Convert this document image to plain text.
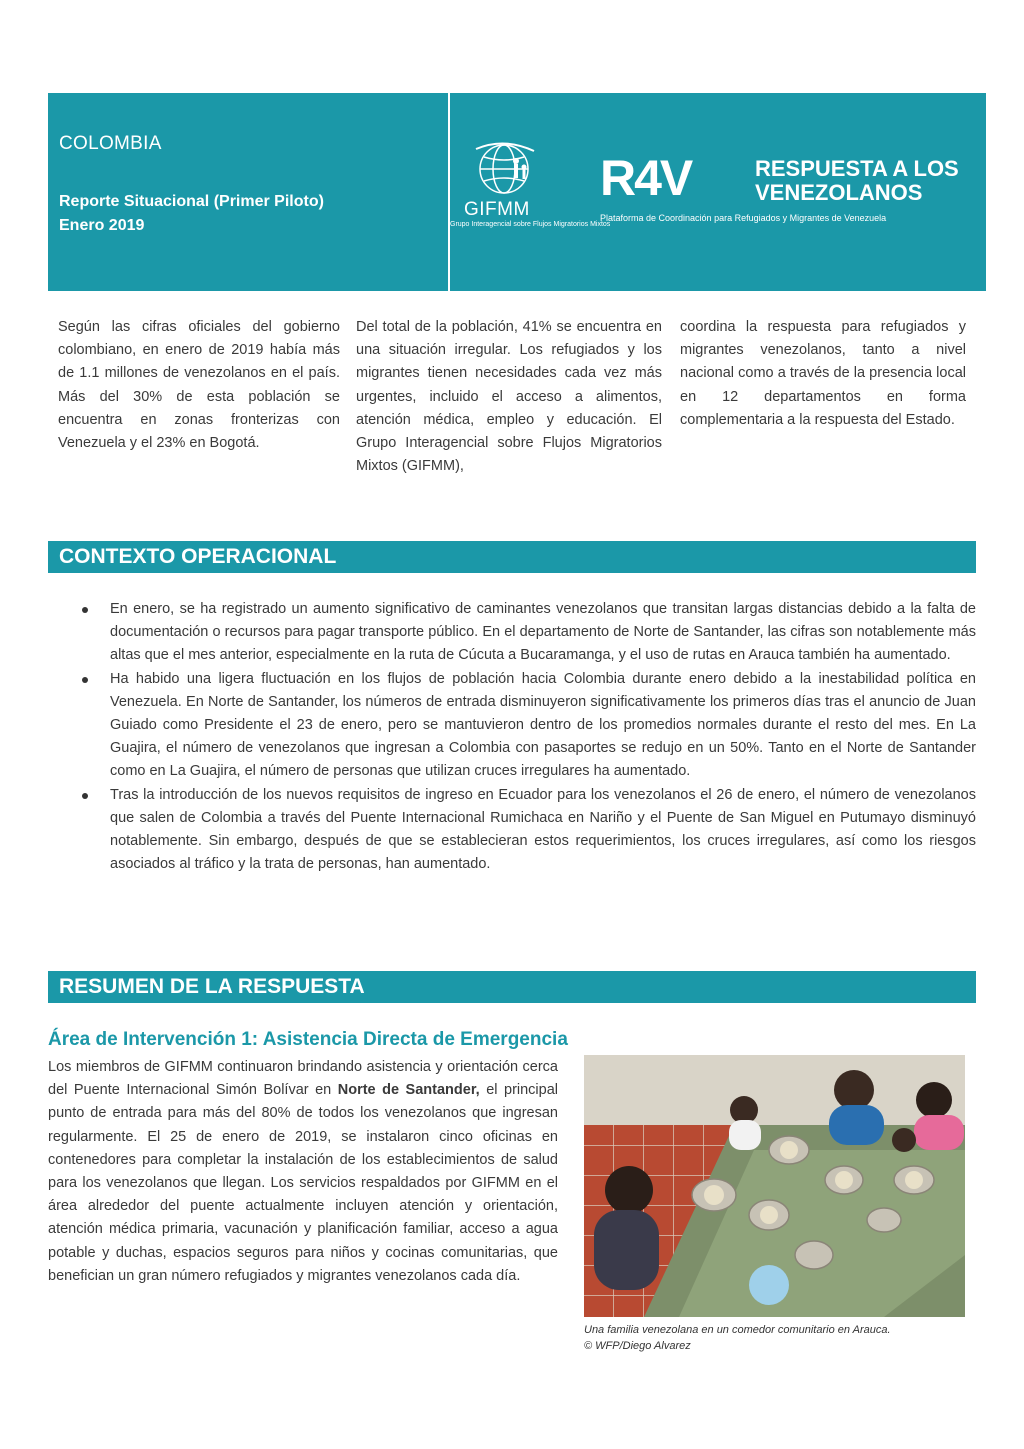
COLOMBIA
Reporte Situacional (Primer Piloto)
Enero 2019
GIFMM
Grupo Interagencial sobre Flujos Migratorios Mixtos
R4V	RESPUESTA A LOS
VENEZOLANOS
Plataforma de Coordinación para Refugiados y Migrantes de Venezuela
Según las cifras oficiales del gobierno colombiano, en enero de 2019 había más de 1.1 millones de venezolanos en el país. Más del 30% de esta población se encuentra en zonas fronterizas con Venezuela y el 23% en Bogotá.
Del total de la población, 41% se encuentra en una situación irregular. Los refugiados y los migrantes tienen necesidades cada vez más urgentes, incluido el acceso a alimentos, atención médica, empleo y educación. El Grupo Interagencial sobre Flujos Migratorios Mixtos (GIFMM),
coordina la respuesta para refugiados y migrantes venezolanos, tanto a nivel nacional como a través de la presencia local en 12 departamentos en forma complementaria a la respuesta del Estado.
CONTEXTO OPERACIONAL
En enero, se ha registrado un aumento significativo de caminantes venezolanos que transitan largas distancias debido a la falta de documentación o recursos para pagar transporte público. En el departamento de Norte de Santander, las cifras son notablemente más altas que el mes anterior, especialmente en la ruta de Cúcuta a Bucaramanga, y el uso de rutas en Arauca también ha aumentado.
Ha habido una ligera fluctuación en los flujos de población hacia Colombia durante enero debido a la inestabilidad política en Venezuela. En Norte de Santander, los números de entrada disminuyeron significativamente los primeros días tras el anuncio de Juan Guiado como Presidente el 23 de enero, pero se mantuvieron dentro de los promedios normales durante el resto del mes. En La Guajira, el número de venezolanos que ingresan a Colombia con pasaportes se redujo en un 50%. Tanto en el Norte de Santander como en La Guajira, el número de personas que utilizan cruces irregulares ha aumentado.
Tras la introducción de los nuevos requisitos de ingreso en Ecuador para los venezolanos el 26 de enero, el número de venezolanos que salen de Colombia a través del Puente Internacional Rumichaca en Nariño y el Puente de San Miguel en Putumayo disminuyó notablemente. Sin embargo, después de que se establecieran estos requerimientos, los cruces irregulares, así como los riesgos asociados al tráfico y la trata de personas, han aumentado.
RESUMEN DE LA RESPUESTA
Área de Intervención 1: Asistencia Directa de Emergencia
Los miembros de GIFMM continuaron brindando asistencia y orientación cerca del Puente Internacional Simón Bolívar en Norte de Santander, el principal punto de entrada para más del 80% de todos los venezolanos que ingresan regularmente. El 25 de enero de 2019, se instalaron cinco oficinas en contenedores para completar la instalación de los establecimientos de salud para los venezolanos que llegan. Los servicios respaldados por GIFMM en el área alrededor del puente actualmente incluyen atención y orientación, atención médica primaria, vacunación y planificación familiar, acceso a agua potable y duchas, espacios seguros para niños y cocinas comunitarias, que benefician un gran número refugiados y migrantes venezolanos cada día.
Una familia venezolana en un comedor comunitario en Arauca.
© WFP/Diego Alvarez
